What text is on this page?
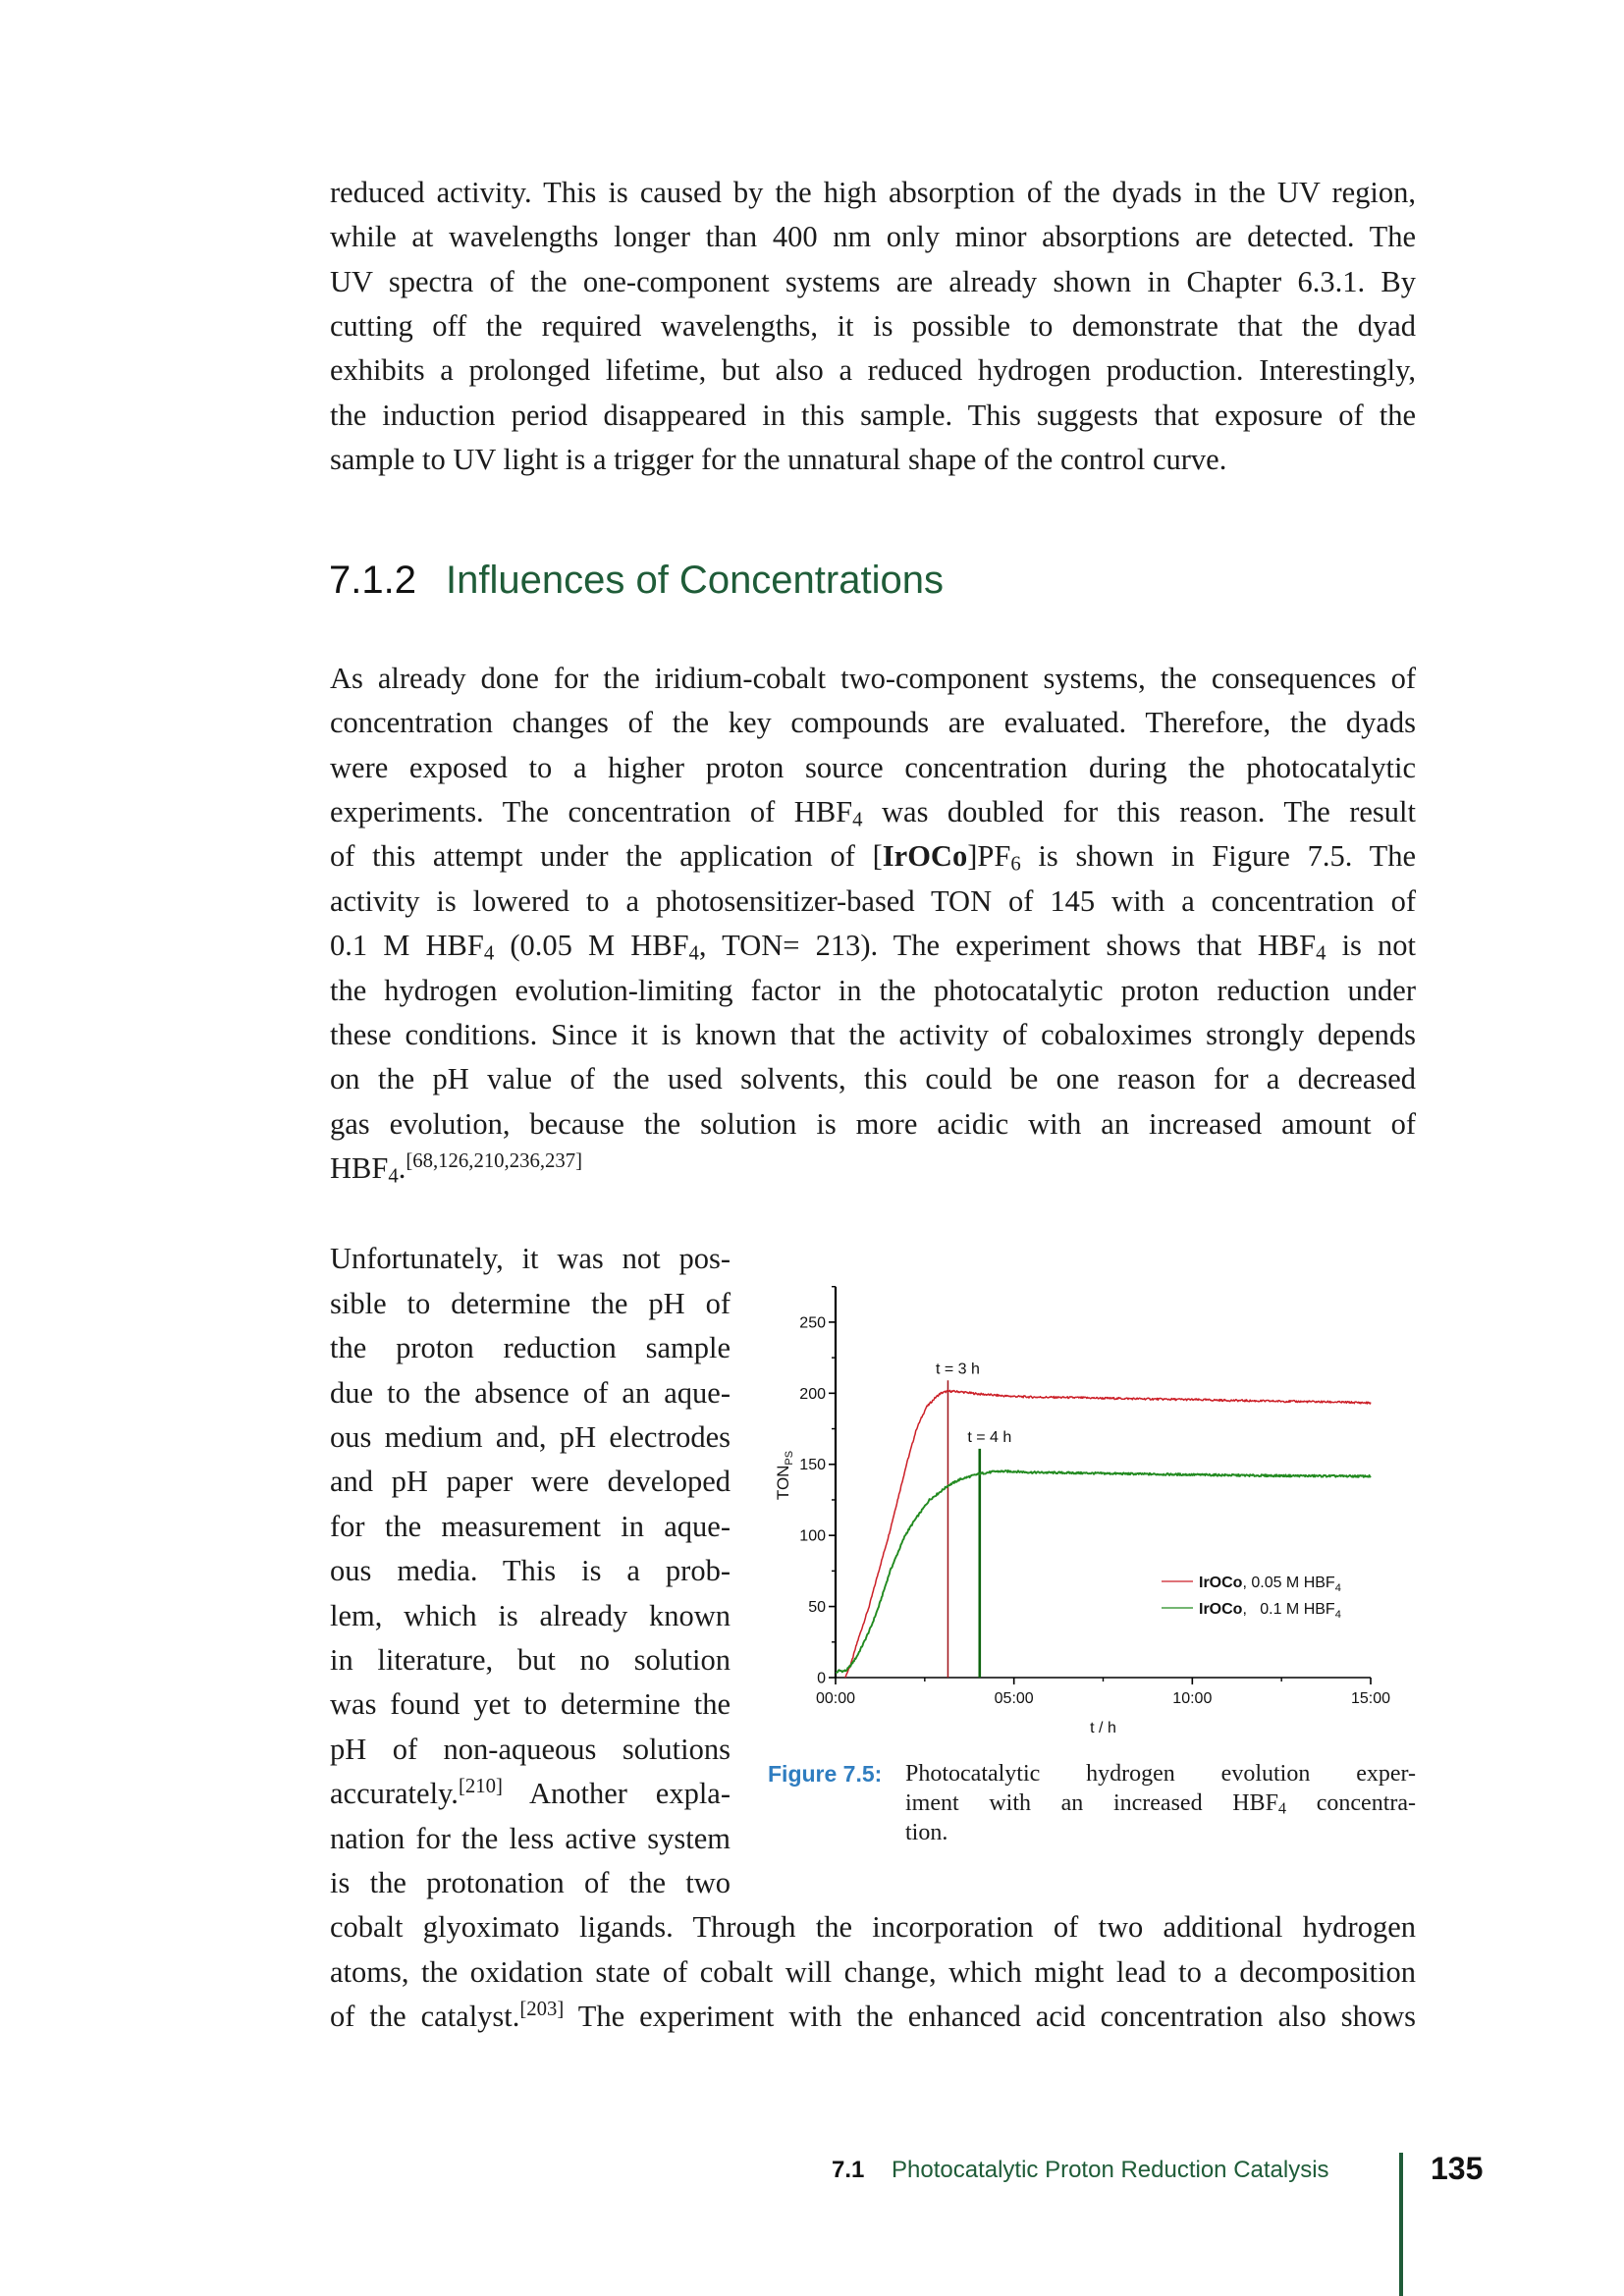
reduced activity. This is caused by the high absorption of the dyads in the UV region,
while at wavelengths longer than 400 nm only minor absorptions are detected. The
UV spectra of the one-component systems are already shown in Chapter 6.3.1. By
cutting off the required wavelengths, it is possible to demonstrate that the dyad
exhibits a prolonged lifetime, but also a reduced hydrogen production. Interestingly,
the induction period disappeared in this sample. This suggests that exposure of the
sample to UV light is a trigger for the unnatural shape of the control curve.
7.1.2 Influences of Concentrations
As already done for the iridium-cobalt two-component systems, the consequences of
concentration changes of the key compounds are evaluated. Therefore, the dyads
were exposed to a higher proton source concentration during the photocatalytic
experiments. The concentration of $HBF_4$ was doubled for this reason. The result
of this attempt under the application of $[IrOCo]PF_6$ is shown in Figure 7.5. The
activity is lowered to a photosensitizer-based TON of 145 with a concentration of
0.1 M $HBF_4$ (0.05 M $HBF_4$, TON= 213). The experiment shows that $HBF_4$ is not
the hydrogen evolution-limiting factor in the photocatalytic proton reduction under
these conditions. Since it is known that the activity of cobaloximes strongly depends
on the pH value of the used solvents, this could be one reason for a decreased
gas evolution, because the solution is more acidic with an increased amount of
$HBF_4.[68,126,210,236,237]$
Unfortunately, it was not pos-
sible to determine the pH of
the proton reduction sample
due to the absence of an aque-
ous medium and, pH electrodes
and pH paper were developed
for the measurement in aque-
ous media. This is a prob-
lem, which is already known
in literature, but no solution
was found yet to determine the
pH of non-aqueous solutions
accurately.[210] Another expla-
nation for the less active system
is the protonation of the two
cobalt glyoximato ligands. Through the incorporation of two additional hydrogen
atoms, the oxidation state of cobalt will change, which might lead to a decomposition
of the catalyst.[203] The experiment with the enhanced acid concentration also shows
0
50
100
150
200
250
00:00	05:00	10:00	15:00
t / h
$TON_{PS}$
t = 3 h
t = 4 h
IrOCo, 0.05 M $HBF_4$
IrOCo,   0.1 M $HBF_4$
Figure 7.5: Photocatalytic hydrogen evolution exper-
iment with an increased $HBF_4$ concentra-
tion.
7.1 Photocatalytic Proton Reduction Catalysis	135
